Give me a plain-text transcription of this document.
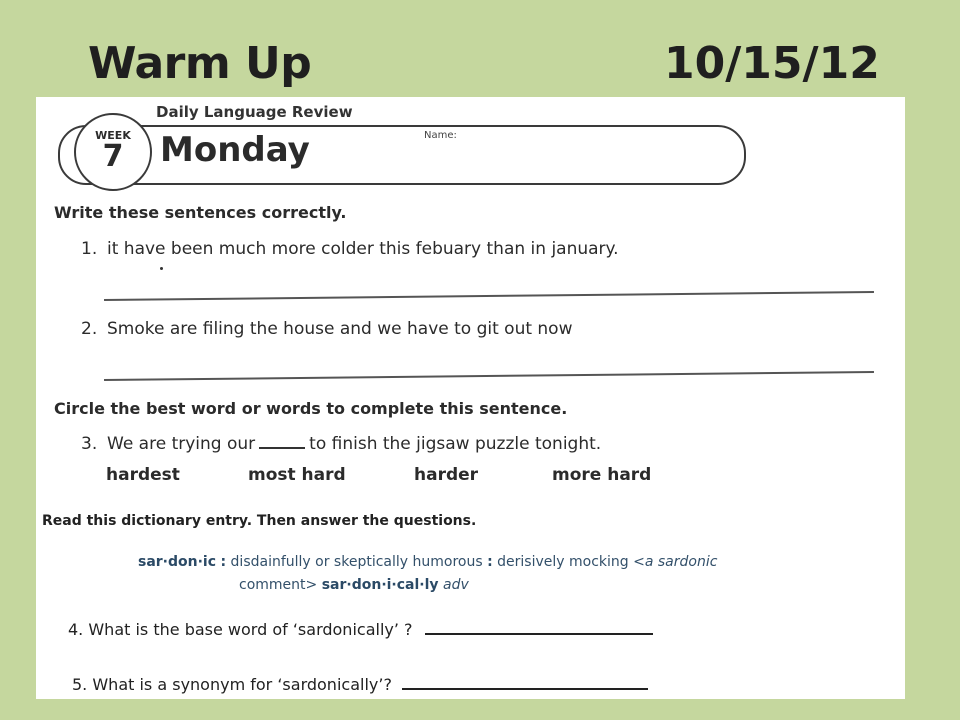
Warm Up	10/15/12
Daily Language Review
WEEK
7	Monday	Name:
Write these sentences correctly.
1. it have been much more colder this febuary than in january.
2. Smoke are filing the house and we have to git out now
Circle the best word or words to complete this sentence.
3. We are trying our	to finish the jigsaw puzzle tonight.
hardest	most hard	harder	more hard
Read this dictionary entry. Then answer the questions.
sar·don·ic : disdainfully or skeptically humorous : derisively mocking <a sardonic
comment> sar·don·i·cal·ly adv
4. What is the base word of ‘sardonically’ ?
5. What is a synonym for ‘sardonically’?
